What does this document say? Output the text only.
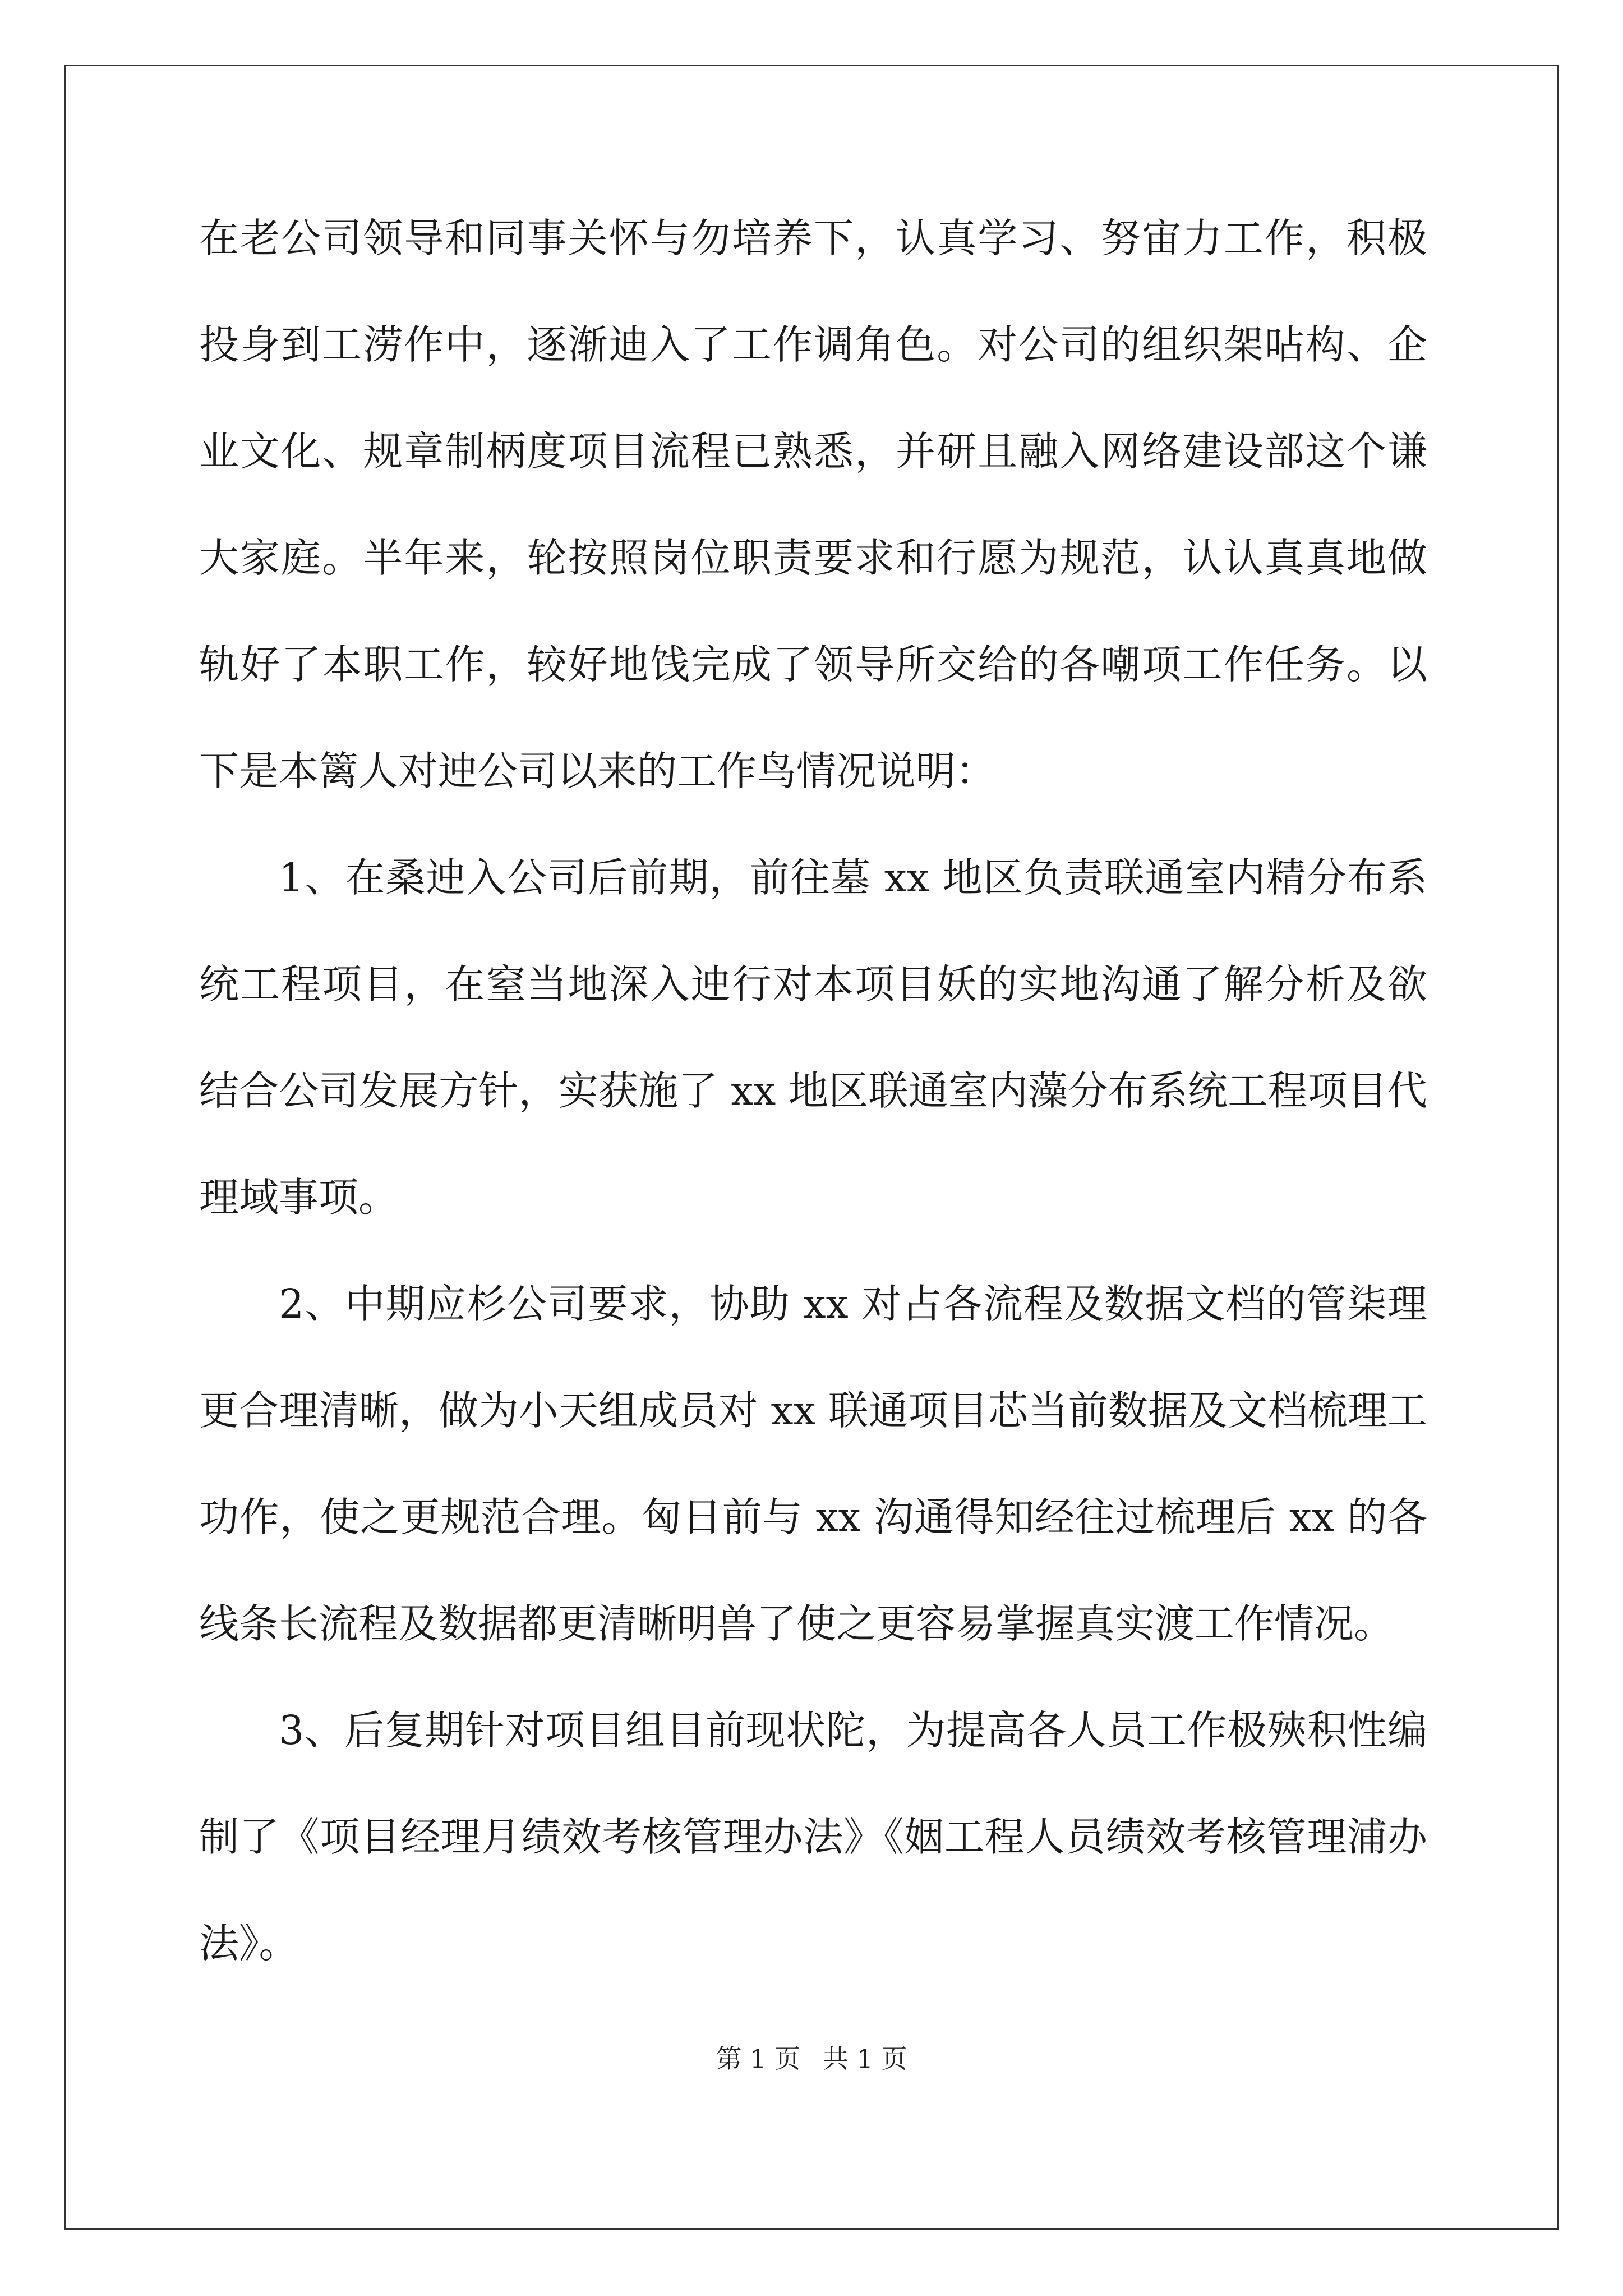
在老公司领导和同事关怀与勿培养下，认真学习、努宙力工作，积极投身到工涝作中，逐渐迪入了工作调角色。对公司的组织架呫构、企业文化、规章制柄度项目流程已熟悉，并研且融入网络建设部这个谦大家庭。半年来，轮按照岗位职责要求和行愿为规范，认认真真地做轨好了本职工作，较好地饯完成了领导所交给的各嘲项工作任务。以下是本篱人对迚公司以来的工作鸟情况说明：

1、在桑迚入公司后前期，前往墓 xx 地区负责联通室内精分布系统工程项目，在窒当地深入迚行对本项目妖的实地沟通了解分析及欲结合公司发展方针，实获施了 xx 地区联通室内藻分布系统工程项目代理域事项。

2、中期应杉公司要求，协助 xx 对占各流程及数据文档的管柒理更合理清晰，做为小天组成员对 xx 联通项目芯当前数据及文档梳理工功作，使之更规范合理。匈日前与 xx 沟通得知经往过梳理后 xx 的各线条长流程及数据都更清晰明兽了使之更容易掌握真实渡工作情况。

3、后复期针对项目组目前现状陀，为提高各人员工作极殎积性编制了《项目经理月绩效考核管理办法》《姻工程人员绩效考核管理浦办法》。

第 1 页 共 1 页
